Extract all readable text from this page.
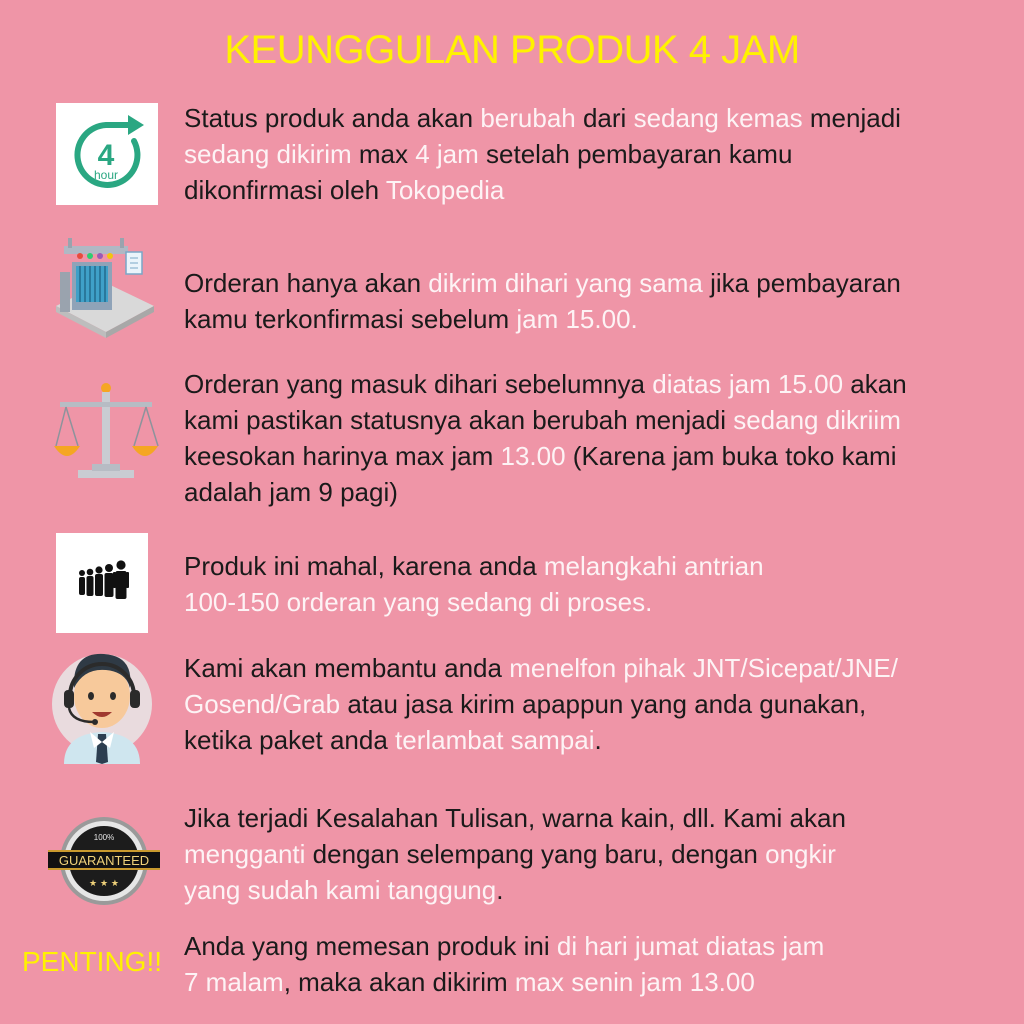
KEUNGGULAN PRODUK 4 JAM
4
hour
Status produk anda akan berubah dari sedang kemas menjadi
sedang dikirim max 4 jam setelah pembayaran kamu
dikonfirmasi oleh Tokopedia
Orderan hanya akan dikrim dihari yang sama jika pembayaran
kamu terkonfirmasi sebelum jam 15.00.
Orderan yang masuk dihari sebelumnya diatas jam 15.00 akan
kami pastikan statusnya akan berubah menjadi sedang dikriim
keesokan harinya max jam 13.00 (Karena jam buka toko kami
adalah jam 9 pagi)
Produk ini mahal, karena anda melangkahi antrian
100-150 orderan yang sedang di proses.
Kami akan membantu anda menelfon pihak JNT/Sicepat/JNE/
Gosend/Grab atau jasa kirim apappun yang anda gunakan,
ketika paket anda terlambat sampai.
100%
GUARANTEED
★ ★ ★
Jika terjadi Kesalahan Tulisan, warna kain, dll. Kami akan
mengganti dengan selempang yang baru, dengan ongkir
yang sudah kami tanggung.
PENTING!! Anda yang memesan produk ini di hari jumat diatas jam
7 malam, maka akan dikirim max senin jam 13.00
